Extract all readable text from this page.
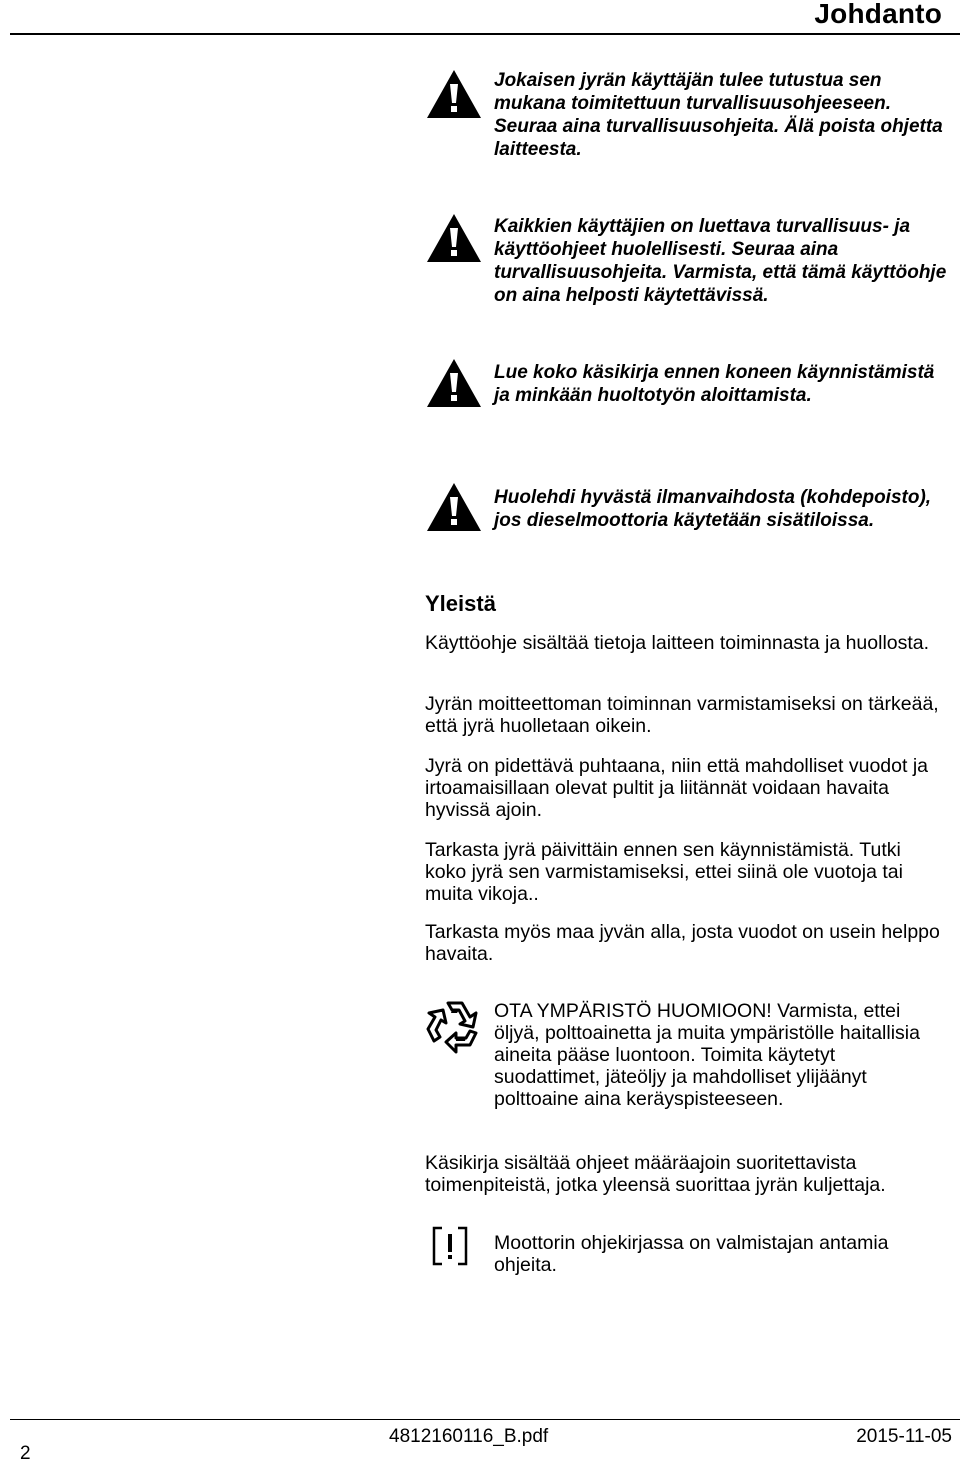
Johdanto
Jokaisen jyrän käyttäjän tulee tutustua sen mukana toimitettuun turvallisuusohjeeseen. Seuraa aina turvallisuusohjeita. Älä poista ohjetta laitteesta.
Kaikkien käyttäjien on luettava turvallisuus- ja käyttöohjeet huolellisesti. Seuraa aina turvallisuusohjeita. Varmista, että tämä käyttöohje on aina helposti käytettävissä.
Lue koko käsikirja ennen koneen käynnistämistä ja minkään huoltotyön aloittamista.
Huolehdi hyvästä ilmanvaihdosta (kohdepoisto), jos dieselmoottoria käytetään sisätiloissa.
Yleistä
Käyttöohje sisältää tietoja laitteen toiminnasta ja huollosta.
Jyrän moitteettoman toiminnan varmistamiseksi on tärkeää, että jyrä huolletaan oikein.
Jyrä on pidettävä puhtaana, niin että mahdolliset vuodot ja irtoamaisillaan olevat pultit ja liitännät voidaan havaita hyvissä ajoin.
Tarkasta jyrä päivittäin ennen sen käynnistämistä. Tutki koko jyrä sen varmistamiseksi, ettei siinä ole vuotoja tai muita vikoja..
Tarkasta myös maa jyvän alla, josta vuodot on usein helppo havaita.
OTA YMPÄRISTÖ HUOMIOON! Varmista, ettei öljyä, polttoainetta ja muita ympäristölle haitallisia aineita pääse luontoon. Toimita käytetyt suodattimet, jäteöljy ja mahdolliset ylijäänyt polttoaine aina keräyspisteeseen.
Käsikirja sisältää ohjeet määräajoin suoritettavista toimenpiteistä, jotka yleensä suorittaa jyrän kuljettaja.
Moottorin ohjekirjassa on valmistajan antamia ohjeita.
2
4812160116_B.pdf	2015-11-05
